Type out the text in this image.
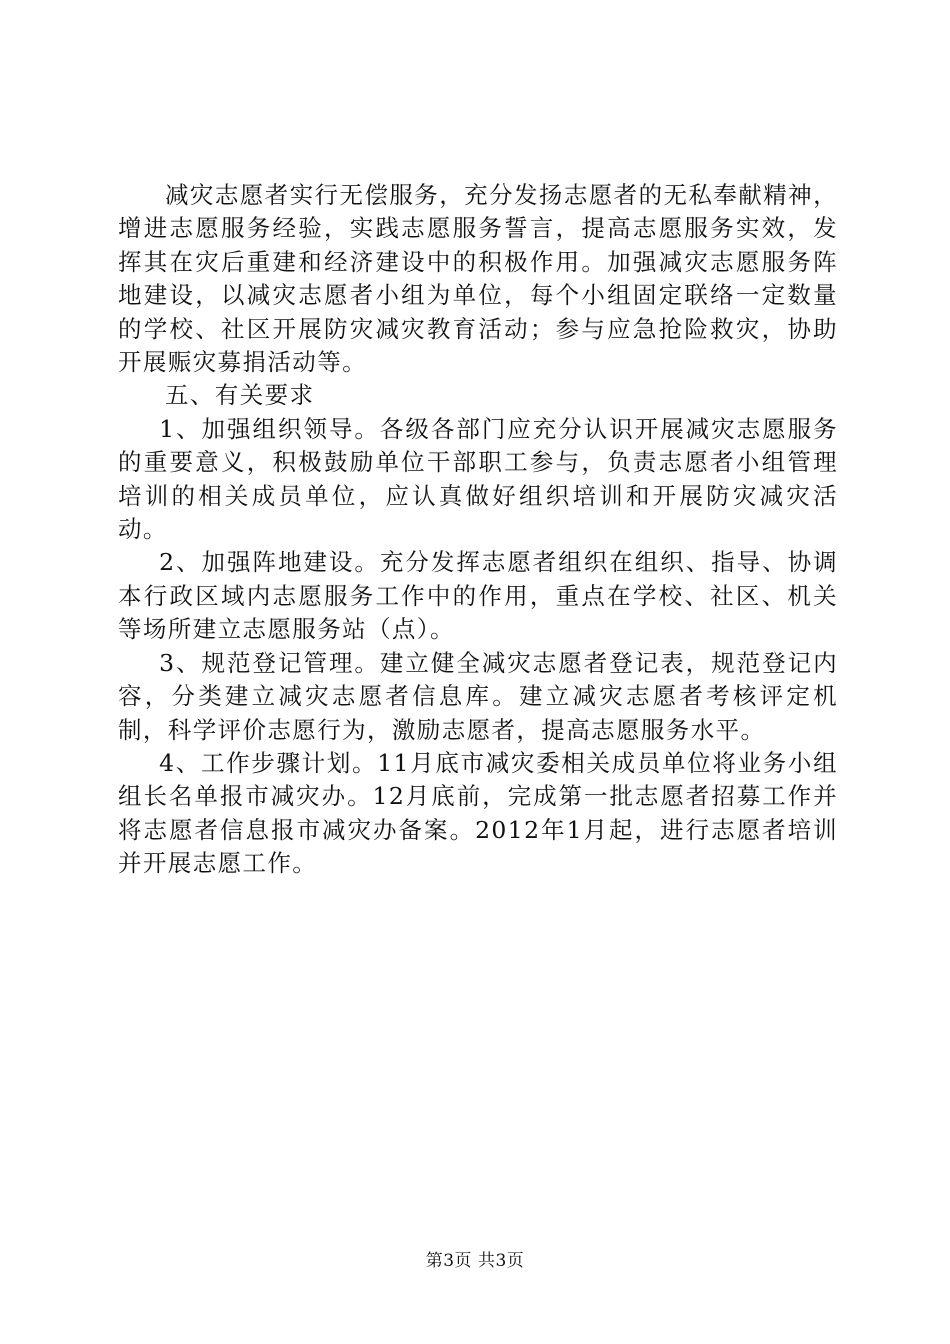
减灾志愿者实行无偿服务，充分发扬志愿者的无私奉献精神，增进志愿服务经验，实践志愿服务誓言，提高志愿服务实效，发挥其在灾后重建和经济建设中的积极作用。加强减灾志愿服务阵地建设，以减灾志愿者小组为单位，每个小组固定联络一定数量的学校、社区开展防灾减灾教育活动；参与应急抢险救灾，协助开展赈灾募捐活动等。

五、有关要求

1、加强组织领导。各级各部门应充分认识开展减灾志愿服务的重要意义，积极鼓励单位干部职工参与，负责志愿者小组管理培训的相关成员单位，应认真做好组织培训和开展防灾减灾活动。

2、加强阵地建设。充分发挥志愿者组织在组织、指导、协调本行政区域内志愿服务工作中的作用，重点在学校、社区、机关等场所建立志愿服务站（点）。

3、规范登记管理。建立健全减灾志愿者登记表，规范登记内容，分类建立减灾志愿者信息库。建立减灾志愿者考核评定机制，科学评价志愿行为，激励志愿者，提高志愿服务水平。

4、工作步骤计划。11月底市减灾委相关成员单位将业务小组组长名单报市减灾办。12月底前，完成第一批志愿者招募工作并将志愿者信息报市减灾办备案。2012年1月起，进行志愿者培训并开展志愿工作。

第3页 共3页
